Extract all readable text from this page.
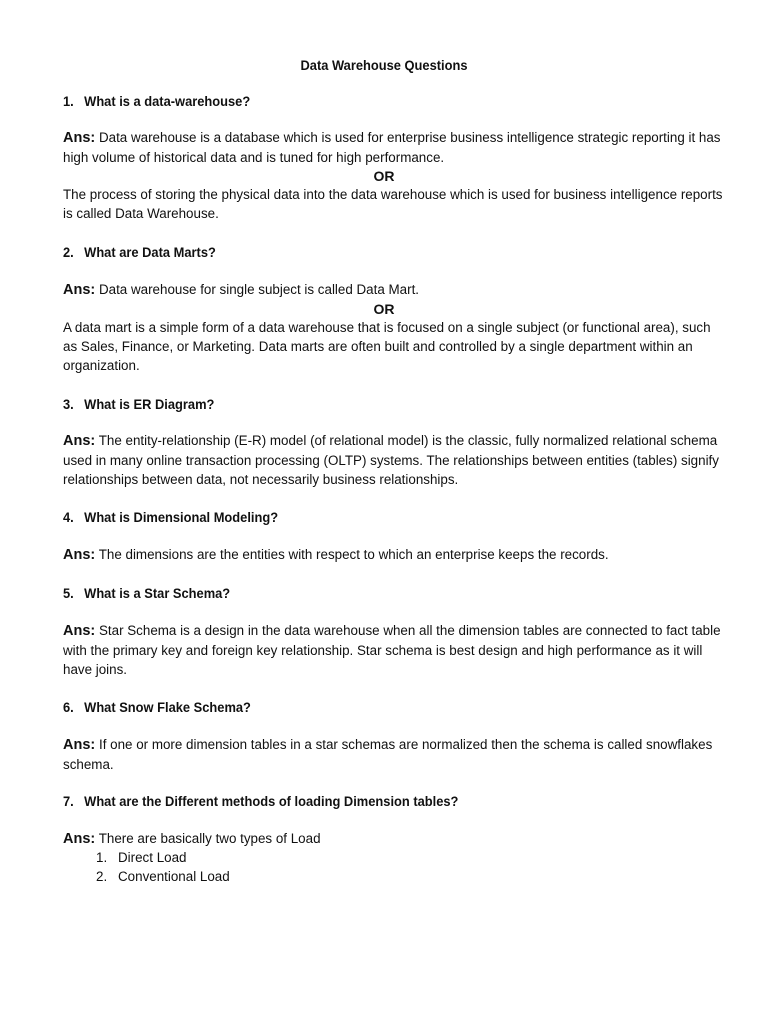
Data Warehouse Questions
1. What is a data-warehouse?
Ans: Data warehouse is a database which is used for enterprise business intelligence strategic reporting it has high volume of historical data and is tuned for high performance.
OR
The process of storing the physical data into the data warehouse which is used for business intelligence reports is called Data Warehouse.
2. What are Data Marts?
Ans: Data warehouse for single subject is called Data Mart.
OR
A data mart is a simple form of a data warehouse that is focused on a single subject (or functional area), such as Sales, Finance, or Marketing. Data marts are often built and controlled by a single department within an organization.
3. What is ER Diagram?
Ans: The entity-relationship (E-R) model (of relational model) is the classic, fully normalized relational schema used in many online transaction processing (OLTP) systems. The relationships between entities (tables) signify relationships between data, not necessarily business relationships.
4. What is Dimensional Modeling?
Ans: The dimensions are the entities with respect to which an enterprise keeps the records.
5. What is a Star Schema?
Ans: Star Schema is a design in the data warehouse when all the dimension tables are connected to fact table with the primary key and foreign key relationship. Star schema is best design and high performance as it will have joins.
6. What Snow Flake Schema?
Ans: If one or more dimension tables in a star schemas are normalized then the schema is called snowflakes schema.
7. What are the Different methods of loading Dimension tables?
Ans: There are basically two types of Load
1. Direct Load
2. Conventional Load
